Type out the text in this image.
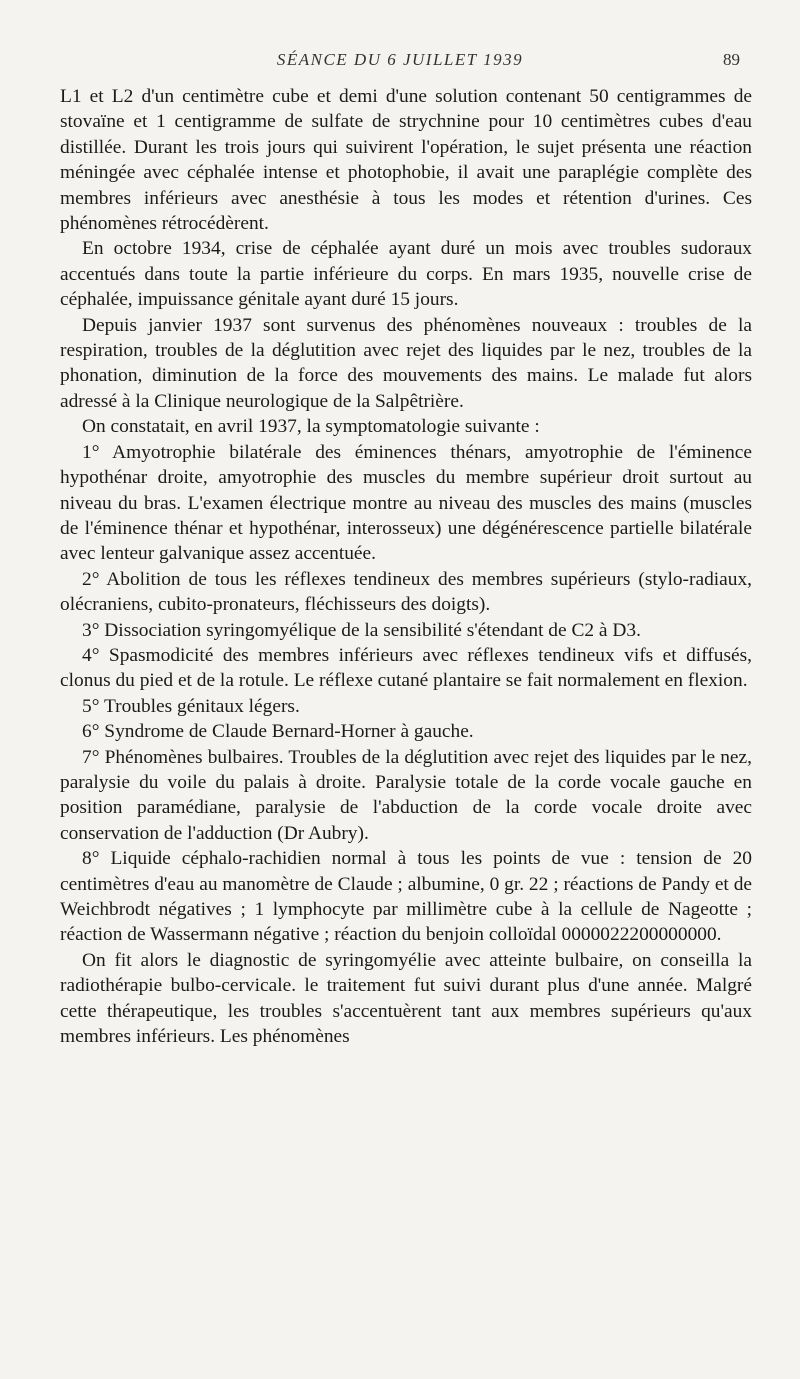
SÉANCE DU 6 JUILLET 1939	89

L1 et L2 d'un centimètre cube et demi d'une solution contenant 50 centigrammes de stovaïne et 1 centigramme de sulfate de strychnine pour 10 centimètres cubes d'eau distillée. Durant les trois jours qui suivirent l'opération, le sujet présenta une réaction méningée avec céphalée intense et photophobie, il avait une paraplégie complète des membres inférieurs avec anesthésie à tous les modes et rétention d'urines. Ces phénomènes rétrocédèrent.

En octobre 1934, crise de céphalée ayant duré un mois avec troubles sudoraux accentués dans toute la partie inférieure du corps. En mars 1935, nouvelle crise de céphalée, impuissance génitale ayant duré 15 jours.

Depuis janvier 1937 sont survenus des phénomènes nouveaux : troubles de la respiration, troubles de la déglutition avec rejet des liquides par le nez, troubles de la phonation, diminution de la force des mouvements des mains. Le malade fut alors adressé à la Clinique neurologique de la Salpêtrière.

On constatait, en avril 1937, la symptomatologie suivante :

1° Amyotrophie bilatérale des éminences thénars, amyotrophie de l'éminence hypothénar droite, amyotrophie des muscles du membre supérieur droit surtout au niveau du bras. L'examen électrique montre au niveau des muscles des mains (muscles de l'éminence thénar et hypothénar, interosseux) une dégénérescence partielle bilatérale avec lenteur galvanique assez accentuée.

2° Abolition de tous les réflexes tendineux des membres supérieurs (stylo-radiaux, olécraniens, cubito-pronateurs, fléchisseurs des doigts).

3° Dissociation syringomyélique de la sensibilité s'étendant de C2 à D3.

4° Spasmodicité des membres inférieurs avec réflexes tendineux vifs et diffusés, clonus du pied et de la rotule. Le réflexe cutané plantaire se fait normalement en flexion.

5° Troubles génitaux légers.

6° Syndrome de Claude Bernard-Horner à gauche.

7° Phénomènes bulbaires. Troubles de la déglutition avec rejet des liquides par le nez, paralysie du voile du palais à droite. Paralysie totale de la corde vocale gauche en position paramédiane, paralysie de l'abduction de la corde vocale droite avec conservation de l'adduction (Dr Aubry).

8° Liquide céphalo-rachidien normal à tous les points de vue : tension de 20 centimètres d'eau au manomètre de Claude ; albumine, 0 gr. 22 ; réactions de Pandy et de Weichbrodt négatives ; 1 lymphocyte par millimètre cube à la cellule de Nageotte ; réaction de Wassermann négative ; réaction du benjoin colloïdal 0000022200000000.

On fit alors le diagnostic de syringomyélie avec atteinte bulbaire, on conseilla la radiothérapie bulbo-cervicale. le traitement fut suivi durant plus d'une année. Malgré cette thérapeutique, les troubles s'accentuèrent tant aux membres supérieurs qu'aux membres inférieurs. Les phénomènes
